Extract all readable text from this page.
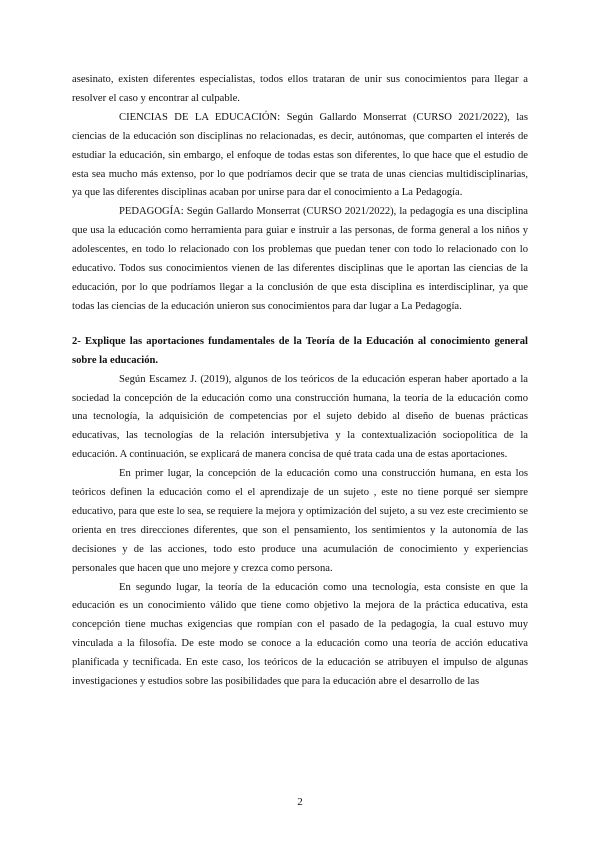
asesinato, existen diferentes especialistas, todos ellos trataran de unir sus conocimientos para llegar a resolver el caso y encontrar al culpable.

CIENCIAS DE LA EDUCACIÓN: Según Gallardo Monserrat (CURSO 2021/2022), las ciencias de la educación son disciplinas no relacionadas, es decir, autónomas, que comparten el interés de estudiar la educación, sin embargo, el enfoque de todas estas son diferentes, lo que hace que el estudio de esta sea mucho más extenso, por lo que podríamos decir que se trata de unas ciencias multidisciplinarias, ya que las diferentes disciplinas acaban por unirse para dar el conocimiento a La Pedagogía.

PEDAGOGÍA: Según Gallardo Monserrat (CURSO 2021/2022), la pedagogía es una disciplina que usa la educación como herramienta para guiar e instruir a las personas, de forma general a los niños y adolescentes, en todo lo relacionado con los problemas que puedan tener con todo lo relacionado con lo educativo. Todos sus conocimientos vienen de las diferentes disciplinas que le aportan las ciencias de la educación, por lo que podríamos llegar a la conclusión de que esta disciplina es interdisciplinar, ya que todas las ciencias de la educación unieron sus conocimientos para dar lugar a La Pedagogía.

2- Explique las aportaciones fundamentales de la Teoría de la Educación al conocimiento general sobre la educación.

Según Escamez J. (2019), algunos de los teóricos de la educación esperan haber aportado a la sociedad la concepción de la educación como una construcción humana, la teoría de la educación como una tecnología, la adquisición de competencias por el sujeto debido al diseño de buenas prácticas educativas, las tecnologías de la relación intersubjetiva y la contextualización sociopolítica de la educación. A continuación, se explicará de manera concisa de qué trata cada una de estas aportaciones.

En primer lugar, la concepción de la educación como una construcción humana, en esta los teóricos definen la educación como el el aprendizaje de un sujeto , este no tiene porqué ser siempre educativo, para que este lo sea, se requiere la mejora y optimización del sujeto, a su vez este crecimiento se orienta en tres direcciones diferentes, que son el pensamiento, los sentimientos y la autonomía de las decisiones y de las acciones, todo esto produce una acumulación de conocimiento y experiencias personales que hacen que uno mejore y crezca como persona.

En segundo lugar, la teoría de la educación como una tecnología, esta consiste en que la educación es un conocimiento válido que tiene como objetivo la mejora de la práctica educativa, esta concepción tiene muchas exigencias que rompían con el pasado de la pedagogía, la cual estuvo muy vinculada a la filosofía. De este modo se conoce a la educación como una teoría de acción educativa planificada y tecnificada. En este caso, los teóricos de la educación se atribuyen el impulso de algunas investigaciones y estudios sobre las posibilidades que para la educación abre el desarrollo de las

2
